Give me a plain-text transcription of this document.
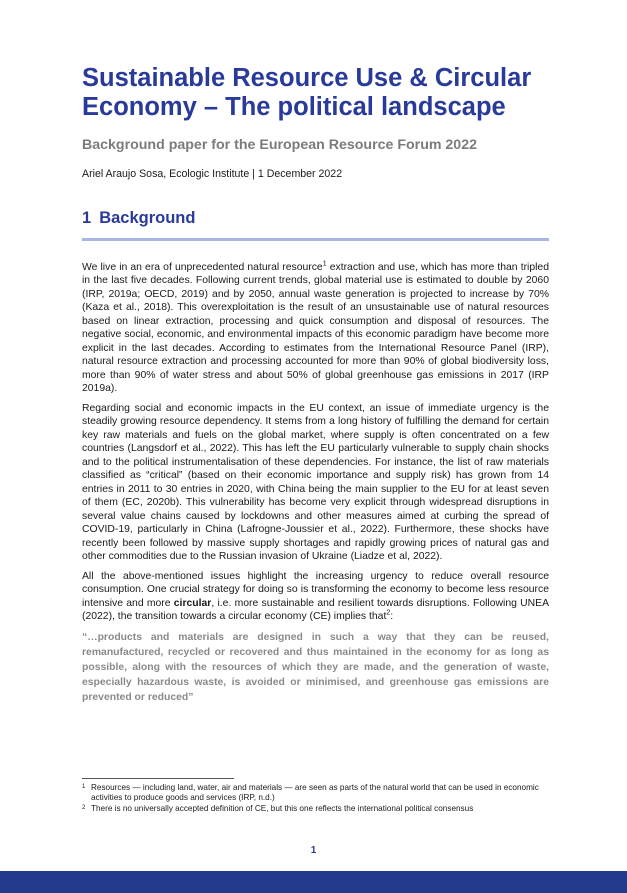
Sustainable Resource Use & Circular Economy – The political landscape
Background paper for the European Resource Forum 2022

Ariel Araujo Sosa, Ecologic Institute | 1 December 2022

1 Background

We live in an era of unprecedented natural resource$^1$ extraction and use, which has more than tripled in the last five decades. Following current trends, global material use is estimated to double by 2060 (IRP, 2019a; OECD, 2019) and by 2050, annual waste generation is projected to increase by 70% (Kaza et al., 2018). This overexploitation is the result of an unsustainable use of natural resources based on linear extraction, processing and quick consumption and disposal of resources. The negative social, economic, and environmental impacts of this economic paradigm have become more explicit in the last decades. According to estimates from the International Resource Panel (IRP), natural resource extraction and processing accounted for more than 90% of global biodiversity loss, more than 90% of water stress and about 50% of global greenhouse gas emissions in 2017 (IRP 2019a).

Regarding social and economic impacts in the EU context, an issue of immediate urgency is the steadily growing resource dependency. It stems from a long history of fulfilling the demand for certain key raw materials and fuels on the global market, where supply is often concentrated on a few countries (Langsdorf et al., 2022). This has left the EU particularly vulnerable to supply chain shocks and to the political instrumentalisation of these dependencies. For instance, the list of raw materials classified as “critical” (based on their economic importance and supply risk) has grown from 14 entries in 2011 to 30 entries in 2020, with China being the main supplier to the EU for at least seven of them (EC, 2020b). This vulnerability has become very explicit through widespread disruptions in several value chains caused by lockdowns and other measures aimed at curbing the spread of COVID-19, particularly in China (Lafrogne-Joussier et al., 2022). Furthermore, these shocks have recently been followed by massive supply shortages and rapidly growing prices of natural gas and other commodities due to the Russian invasion of Ukraine (Liadze et al, 2022).

All the above-mentioned issues highlight the increasing urgency to reduce overall resource consumption. One crucial strategy for doing so is transforming the economy to become less resource intensive and more circular, i.e. more sustainable and resilient towards disruptions. Following UNEA (2022), the transition towards a circular economy (CE) implies that$^2$:

“…products and materials are designed in such a way that they can be reused, remanufactured, recycled or recovered and thus maintained in the economy for as long as possible, along with the resources of which they are made, and the generation of waste, especially hazardous waste, is avoided or minimised, and greenhouse gas emissions are prevented or reduced”

1 Resources — including land, water, air and materials — are seen as parts of the natural world that can be used in economic activities to produce goods and services (IRP, n.d.)
2 There is no universally accepted definition of CE, but this one reflects the international political consensus
1
